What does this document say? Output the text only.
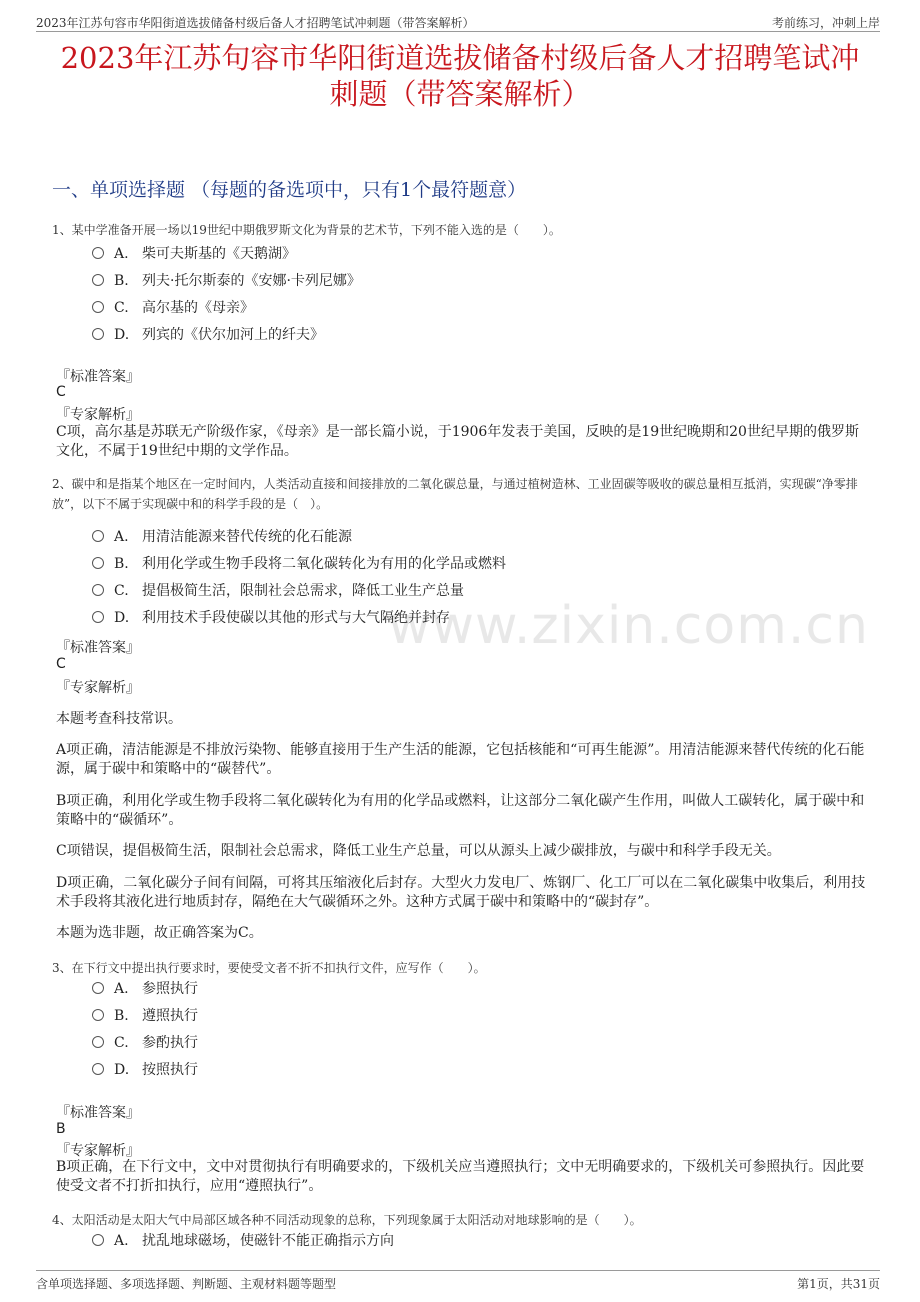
2023年江苏句容市华阳街道选拔储备村级后备人才招聘笔试冲刺题（带答案解析）	考前练习，冲刺上岸
2023年江苏句容市华阳街道选拔储备村级后备人才招聘笔试冲
刺题（带答案解析）
一、单项选择题 （每题的备选项中，只有1个最符题意）
www.zixin.com.cn
1、某中学准备开展一场以19世纪中期俄罗斯文化为背景的艺术节，下列不能入选的是（　　）。
A. 柴可夫斯基的《天鹅湖》
B. 列夫·托尔斯泰的《安娜·卡列尼娜》
C. 高尔基的《母亲》
D. 列宾的《伏尔加河上的纤夫》
『标准答案』
C
『专家解析』
C项，高尔基是苏联无产阶级作家，《母亲》是一部长篇小说，于1906年发表于美国，反映的是19世纪晚期和20世纪早期的俄罗斯文化，不属于19世纪中期的文学作品。
2、碳中和是指某个地区在一定时间内，人类活动直接和间接排放的二氧化碳总量，与通过植树造林、工业固碳等吸收的碳总量相互抵消，实现碳“净零排放”，以下不属于实现碳中和的科学手段的是（　）。
A. 用清洁能源来替代传统的化石能源
B. 利用化学或生物手段将二氧化碳转化为有用的化学品或燃料
C. 提倡极简生活，限制社会总需求，降低工业生产总量
D. 利用技术手段使碳以其他的形式与大气隔绝并封存
『标准答案』
C
『专家解析』
本题考查科技常识。
A项正确，清洁能源是不排放污染物、能够直接用于生产生活的能源，它包括核能和“可再生能源”。用清洁能源来替代传统的化石能源，属于碳中和策略中的“碳替代”。
B项正确，利用化学或生物手段将二氧化碳转化为有用的化学品或燃料，让这部分二氧化碳产生作用，叫做人工碳转化，属于碳中和策略中的“碳循环”。
C项错误，提倡极简生活，限制社会总需求，降低工业生产总量，可以从源头上减少碳排放，与碳中和科学手段无关。
D项正确，二氧化碳分子间有间隔，可将其压缩液化后封存。大型火力发电厂、炼钢厂、化工厂可以在二氧化碳集中收集后，利用技术手段将其液化进行地质封存，隔绝在大气碳循环之外。这种方式属于碳中和策略中的“碳封存”。
本题为选非题，故正确答案为C。
3、在下行文中提出执行要求时，要使受文者不折不扣执行文件，应写作（　　）。
A. 参照执行
B. 遵照执行
C. 参酌执行
D. 按照执行
『标准答案』
B
『专家解析』
B项正确，在下行文中，文中对贯彻执行有明确要求的，下级机关应当遵照执行；文中无明确要求的，下级机关可参照执行。因此要使受文者不打折扣执行，应用“遵照执行”。
4、太阳活动是太阳大气中局部区域各种不同活动现象的总称，下列现象属于太阳活动对地球影响的是（　　）。
A. 扰乱地球磁场，使磁针不能正确指示方向
含单项选择题、多项选择题、判断题、主观材料题等题型	第1页，共31页
